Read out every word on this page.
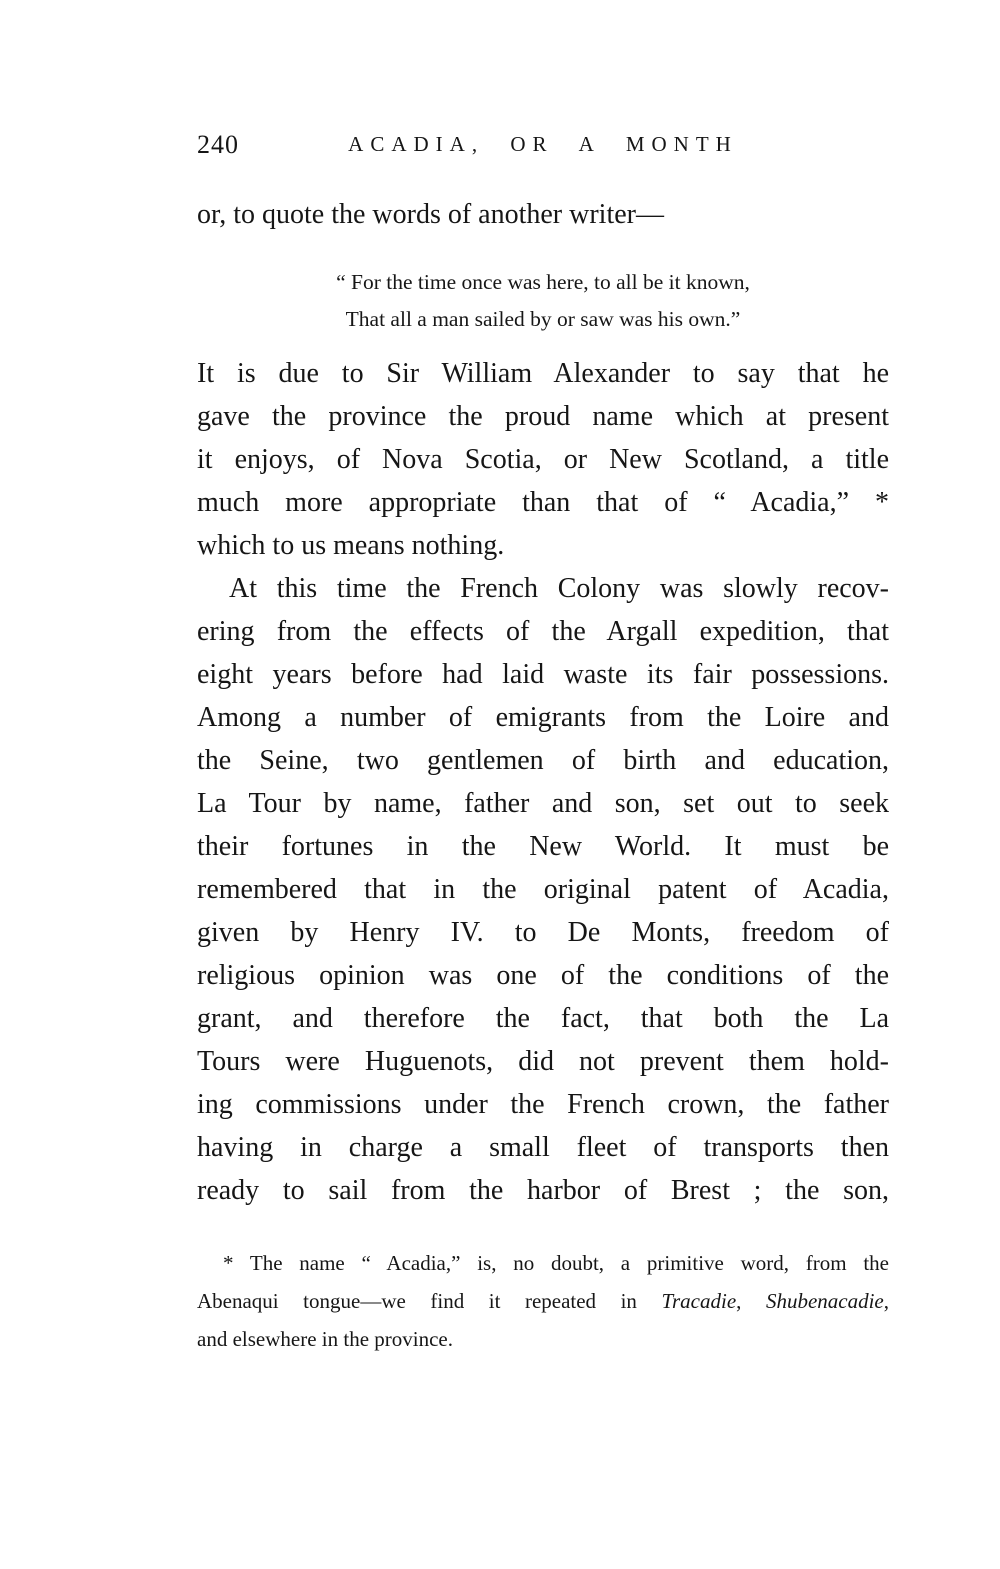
240	ACADIA, OR A MONTH
or, to quote the words of another writer—
“ For the time once was here, to all be it known,
That all a man sailed by or saw was his own.”
It is due to Sir William Alexander to say that he
gave the province the proud name which at present
it enjoys, of Nova Scotia, or New Scotland, a title
much more appropriate than that of “ Acadia,” *
which to us means nothing.
At this time the French Colony was slowly recov-
ering from the effects of the Argall expedition, that
eight years before had laid waste its fair possessions.
Among a number of emigrants from the Loire and
the Seine, two gentlemen of birth and education,
La Tour by name, father and son, set out to seek
their fortunes in the New World. It must be
remembered that in the original patent of Acadia,
given by Henry IV. to De Monts, freedom of
religious opinion was one of the conditions of the
grant, and therefore the fact, that both the La
Tours were Huguenots, did not prevent them hold-
ing commissions under the French crown, the father
having in charge a small fleet of transports then
ready to sail from the harbor of Brest ; the son,
* The name “ Acadia,” is, no doubt, a primitive word, from the
Abenaqui tongue—we find it repeated in Tracadie, Shubenacadie,
and elsewhere in the province.
